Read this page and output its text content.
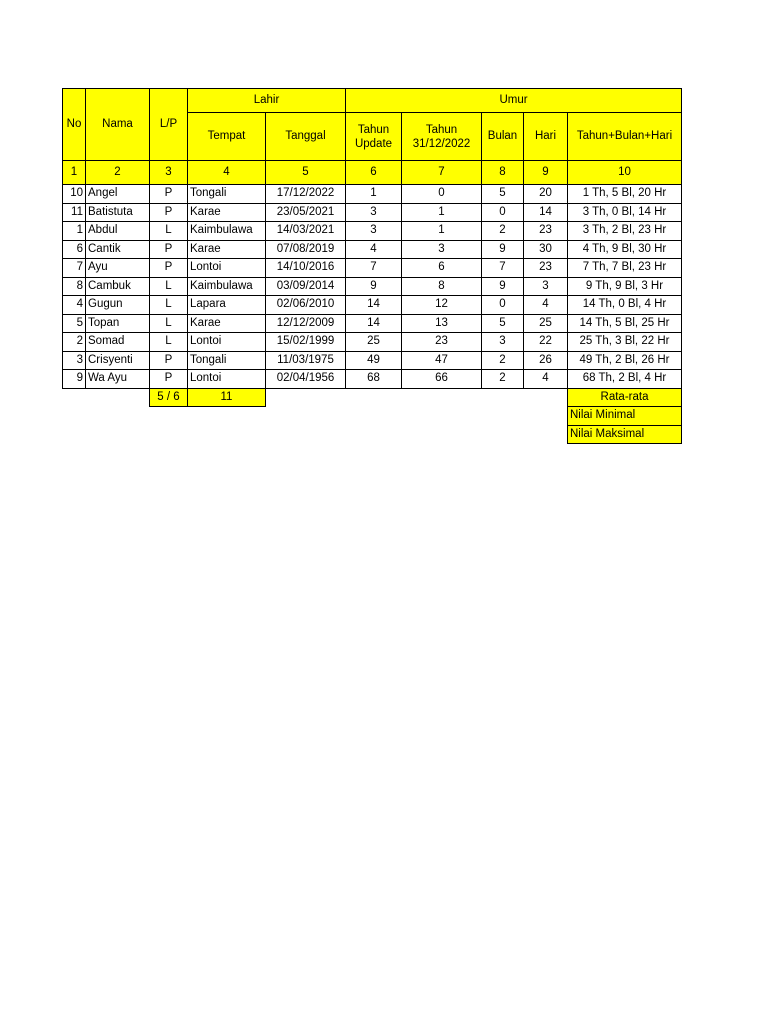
No	Nama	L/P	Lahir		Umur				
			Tempat	Tanggal	Tahun Update	Tahun 31/12/2022	Bulan	Hari	Tahun+Bulan+Hari
1	2	3	4	5	6	7	8	9	10
10	Angel	P	Tongali	17/12/2022	1	0	5	20	1 Th, 5 Bl, 20 Hr
11	Batistuta	P	Karae	23/05/2021	3	1	0	14	3 Th, 0 Bl, 14 Hr
1	Abdul	L	Kaimbulawa	14/03/2021	3	1	2	23	3 Th, 2 Bl, 23 Hr
6	Cantik	P	Karae	07/08/2019	4	3	9	30	4 Th, 9 Bl, 30 Hr
7	Ayu	P	Lontoi	14/10/2016	7	6	7	23	7 Th, 7 Bl, 23 Hr
8	Cambuk	L	Kaimbulawa	03/09/2014	9	8	9	3	9 Th, 9 Bl, 3 Hr
4	Gugun	L	Lapara	02/06/2010	14	12	0	4	14 Th, 0 Bl, 4 Hr
5	Topan	L	Karae	12/12/2009	14	13	5	25	14 Th, 5 Bl, 25 Hr
2	Somad	L	Lontoi	15/02/1999	25	23	3	22	25 Th, 3 Bl, 22 Hr
3	Crisyenti	P	Tongali	11/03/1975	49	47	2	26	49 Th, 2 Bl, 26 Hr
9	Wa Ayu	P	Lontoi	02/04/1956	68	66	2	4	68 Th, 2 Bl, 4 Hr
		5 / 6	11						Rata-rata
									Nilai Minimal
									Nilai Maksimal
